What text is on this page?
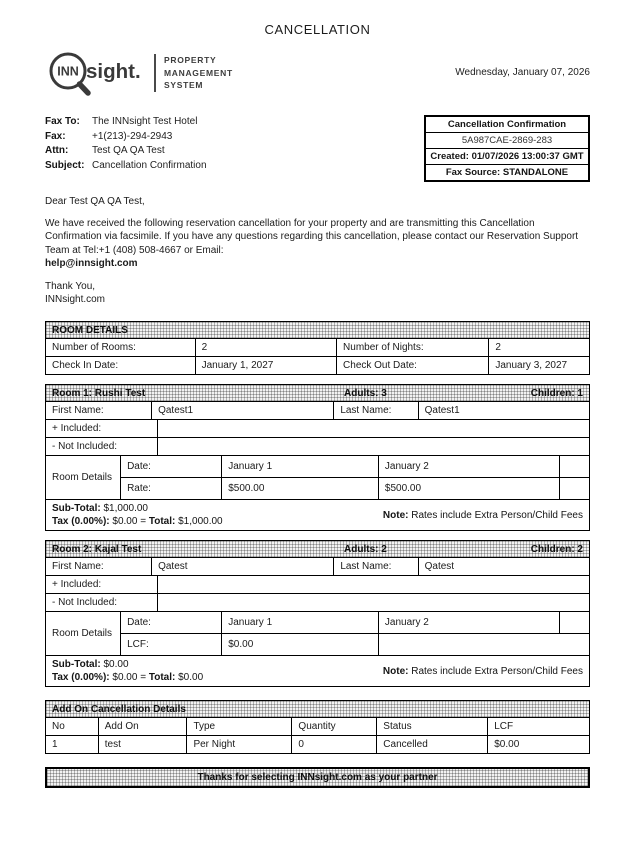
CANCELLATION
INN sight.
PROPERTY
MANAGEMENT
SYSTEM
Wednesday, January 07, 2026
Fax To:	The INNsight Test Hotel
Fax:	+1(213)-294-2943
Attn:	Test QA QA Test
Subject: Cancellation Confirmation
Cancellation Confirmation
5A987CAE-2869-283
Created: 01/07/2026 13:00:37 GMT
Fax Source: STANDALONE
Dear Test QA QA Test,
We have received the following reservation cancellation for your property and are transmitting this Cancellation Confirmation via facsimile. If you have any questions regarding this cancellation, please contact our Reservation Support Team at Tel:+1 (408) 508-4667 or Email:
help@innsight.com
Thank You,
INNsight.com
ROOM DETAILS
Number of Rooms:	2	Number of Nights:	2
Check In Date:	January 1, 2027	Check Out Date:	January 3, 2027
Room 1: Rushi Test	Adults: 3	Children: 1
First Name:	Qatest1	Last Name:	Qatest1
+ Included:	
- Not Included:	
Room Details	Date:	January 1	January 2	
	Rate:	$500.00	$500.00	
Sub-Total: $1,000.00
Tax (0.00%): $0.00 = Total: $1,000.00
Note: Rates include Extra Person/Child Fees
Room 2: Kajal Test	Adults: 2	Children: 2
First Name:	Qatest	Last Name:	Qatest
+ Included:	
- Not Included:	
Room Details	Date:	January 1	January 2	
	LCF:	$0.00		
Sub-Total: $0.00
Tax (0.00%): $0.00 = Total: $0.00
Note: Rates include Extra Person/Child Fees
Add On Cancellation Details
No	Add On	Type	Quantity	Status	LCF
1	test	Per Night	0	Cancelled	$0.00
Thanks for selecting INNsight.com as your partner
